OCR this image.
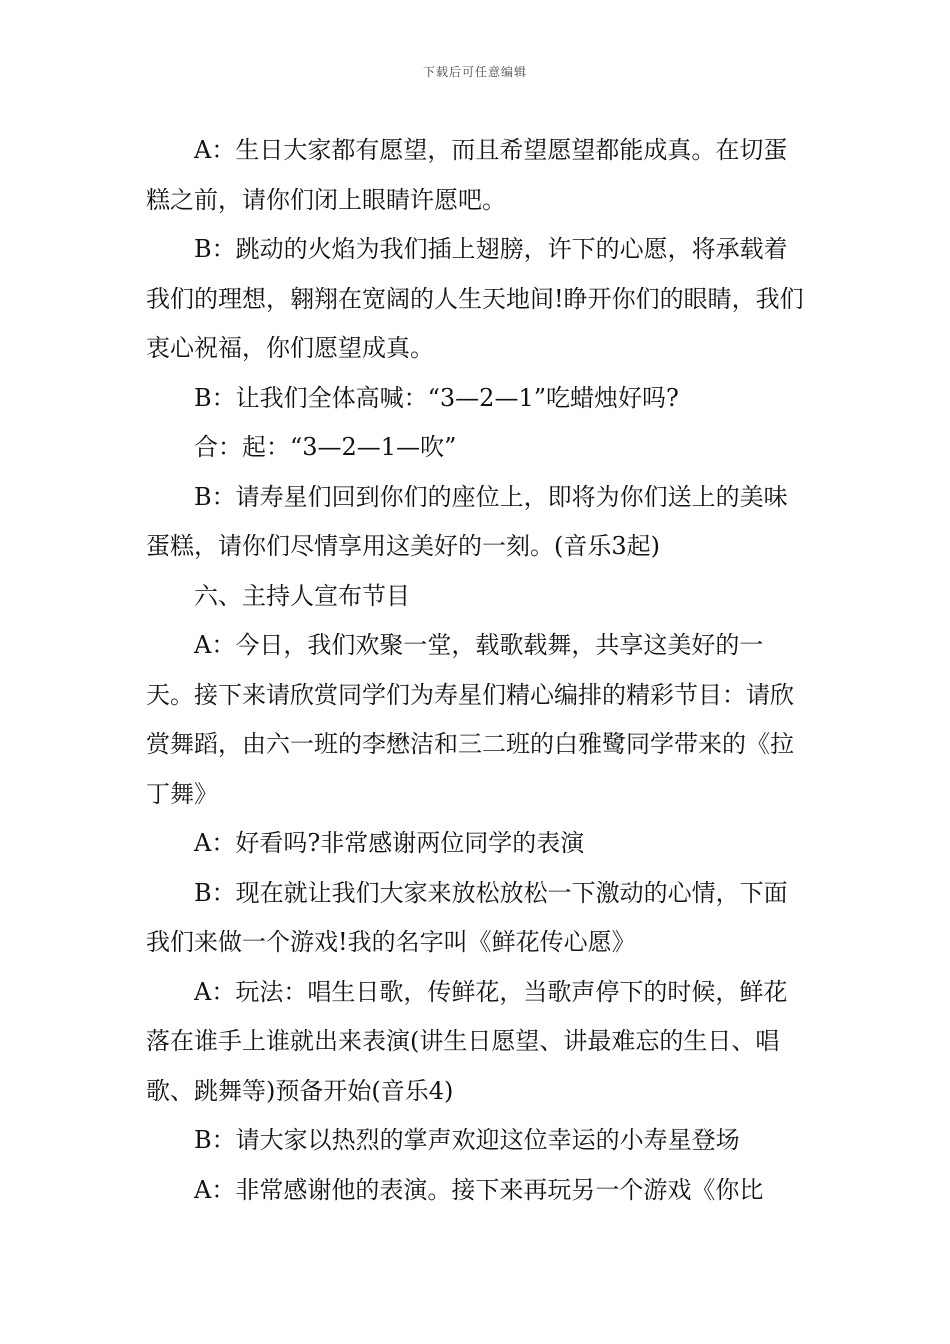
下载后可任意编辑

A：生日大家都有愿望，而且希望愿望都能成真。在切蛋糕之前，请你们闭上眼睛许愿吧。

B：跳动的火焰为我们插上翅膀，许下的心愿，将承载着我们的理想，翱翔在宽阔的人生天地间!睁开你们的眼睛，我们衷心祝福，你们愿望成真。

B：让我们全体高喊：“3—2—1”吃蜡烛好吗?

合：起：“3—2—1—吹”

B：请寿星们回到你们的座位上，即将为你们送上的美味蛋糕，请你们尽情享用这美好的一刻。(音乐3起)

六、主持人宣布节目

A：今日，我们欢聚一堂，载歌载舞，共享这美好的一天。接下来请欣赏同学们为寿星们精心编排的精彩节目：请欣赏舞蹈，由六一班的李懋洁和三二班的白雅鹭同学带来的《拉丁舞》

A：好看吗?非常感谢两位同学的表演

B：现在就让我们大家来放松放松一下激动的心情，下面我们来做一个游戏!我的名字叫《鲜花传心愿》

A：玩法：唱生日歌，传鲜花，当歌声停下的时候，鲜花落在谁手上谁就出来表演(讲生日愿望、讲最难忘的生日、唱歌、跳舞等)预备开始(音乐4)

B：请大家以热烈的掌声欢迎这位幸运的小寿星登场

A：非常感谢他的表演。接下来再玩另一个游戏《你比
